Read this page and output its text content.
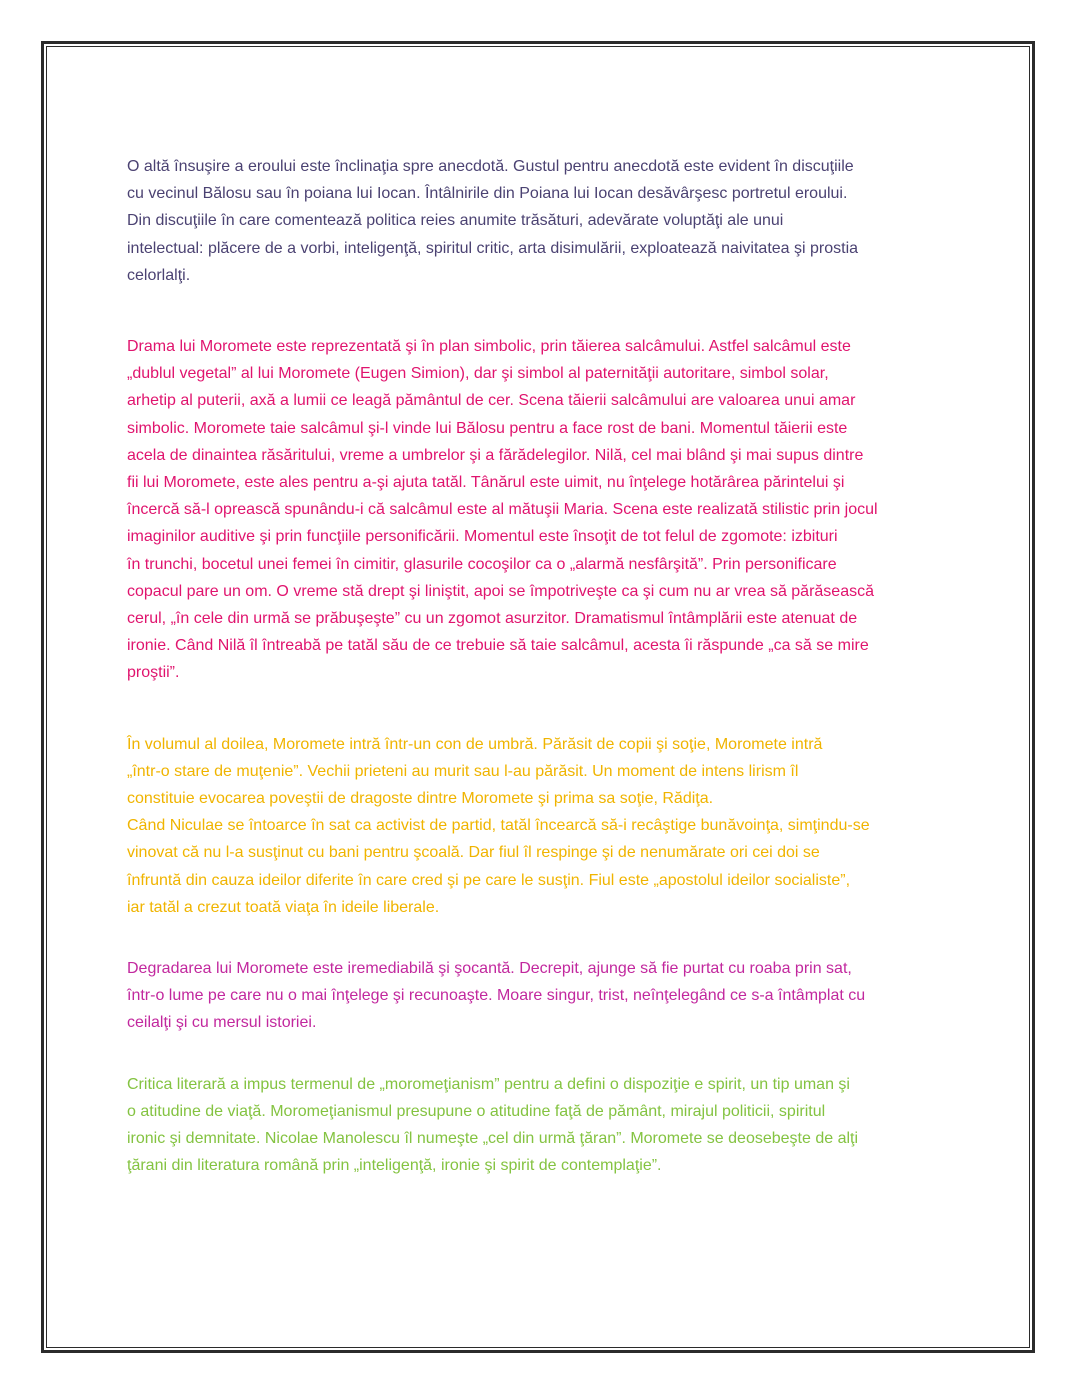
O altă însuşire a eroului este înclinaţia spre anecdotă. Gustul pentru anecdotă este evident în discuţiile
cu vecinul Bălosu sau în poiana lui Iocan. Întâlnirile din Poiana lui Iocan desăvârşesc portretul eroului.
Din discuţiile în care comentează politica reies anumite trăsături, adevărate voluptăţi ale unui
intelectual: plăcere de a vorbi, inteligenţă, spiritul critic, arta disimulării, exploatează naivitatea şi prostia
celorlalţi.

Drama lui Moromete este reprezentată şi în plan simbolic, prin tăierea salcâmului. Astfel salcâmul este
„dublul vegetal” al lui Moromete (Eugen Simion), dar şi simbol al paternităţii autoritare, simbol solar,
arhetip al puterii, axă a lumii ce leagă pământul de cer. Scena tăierii salcâmului are valoarea unui amar
simbolic. Moromete taie salcâmul şi-l vinde lui Bălosu pentru a face rost de bani. Momentul tăierii este
acela de dinaintea răsăritului, vreme a umbrelor şi a fărădelegilor. Nilă, cel mai blând şi mai supus dintre
fii lui Moromete, este ales pentru a-şi ajuta tatăl. Tânărul este uimit, nu înţelege hotărârea părintelui şi
încercă să-l oprească spunându-i că salcâmul este al mătuşii Maria. Scena este realizată stilistic prin jocul
imaginilor auditive şi prin funcţiile personificării. Momentul este însoţit de tot felul de zgomote: izbituri
în trunchi, bocetul unei femei în cimitir, glasurile cocoşilor ca o „alarmă nesfârşită”. Prin personificare
copacul pare un om. O vreme stă drept şi liniştit, apoi se împotriveşte ca şi cum nu ar vrea să părăsească
cerul, „în cele din urmă se prăbuşeşte” cu un zgomot asurzitor. Dramatismul întâmplării este atenuat de
ironie. Când Nilă îl întreabă pe tatăl său de ce trebuie să taie salcâmul, acesta îi răspunde „ca să se mire
proştii”.

În volumul al doilea, Moromete intră într-un con de umbră. Părăsit de copii şi soţie, Moromete intră
„într-o stare de muţenie”. Vechii prieteni au murit sau l-au părăsit. Un moment de intens lirism îl
constituie evocarea poveştii de dragoste dintre Moromete şi prima sa soţie, Rădiţa.
Când Niculae se întoarce în sat ca activist de partid, tatăl încearcă să-i recâştige bunăvoinţa, simţindu-se
vinovat că nu l-a susţinut cu bani pentru şcoală. Dar fiul îl respinge şi de nenumărate ori cei doi se
înfruntă din cauza ideilor diferite în care cred şi pe care le susţin. Fiul este „apostolul ideilor socialiste”,
iar tatăl a crezut toată viaţa în ideile liberale.

Degradarea lui Moromete este iremediabilă şi şocantă. Decrepit, ajunge să fie purtat cu roaba prin sat,
într-o lume pe care nu o mai înţelege şi recunoaşte. Moare singur, trist, neînţelegând ce s-a întâmplat cu
ceilalţi şi cu mersul istoriei.

Critica literară a impus termenul de „moromeţianism” pentru a defini o dispoziţie e spirit, un tip uman şi
o atitudine de viaţă. Moromeţianismul presupune o atitudine faţă de pământ, mirajul politicii, spiritul
ironic şi demnitate. Nicolae Manolescu îl numeşte „cel din urmă ţăran”. Moromete se deosebeşte de alţi
ţărani din literatura română prin „inteligenţă, ironie şi spirit de contemplaţie”.
